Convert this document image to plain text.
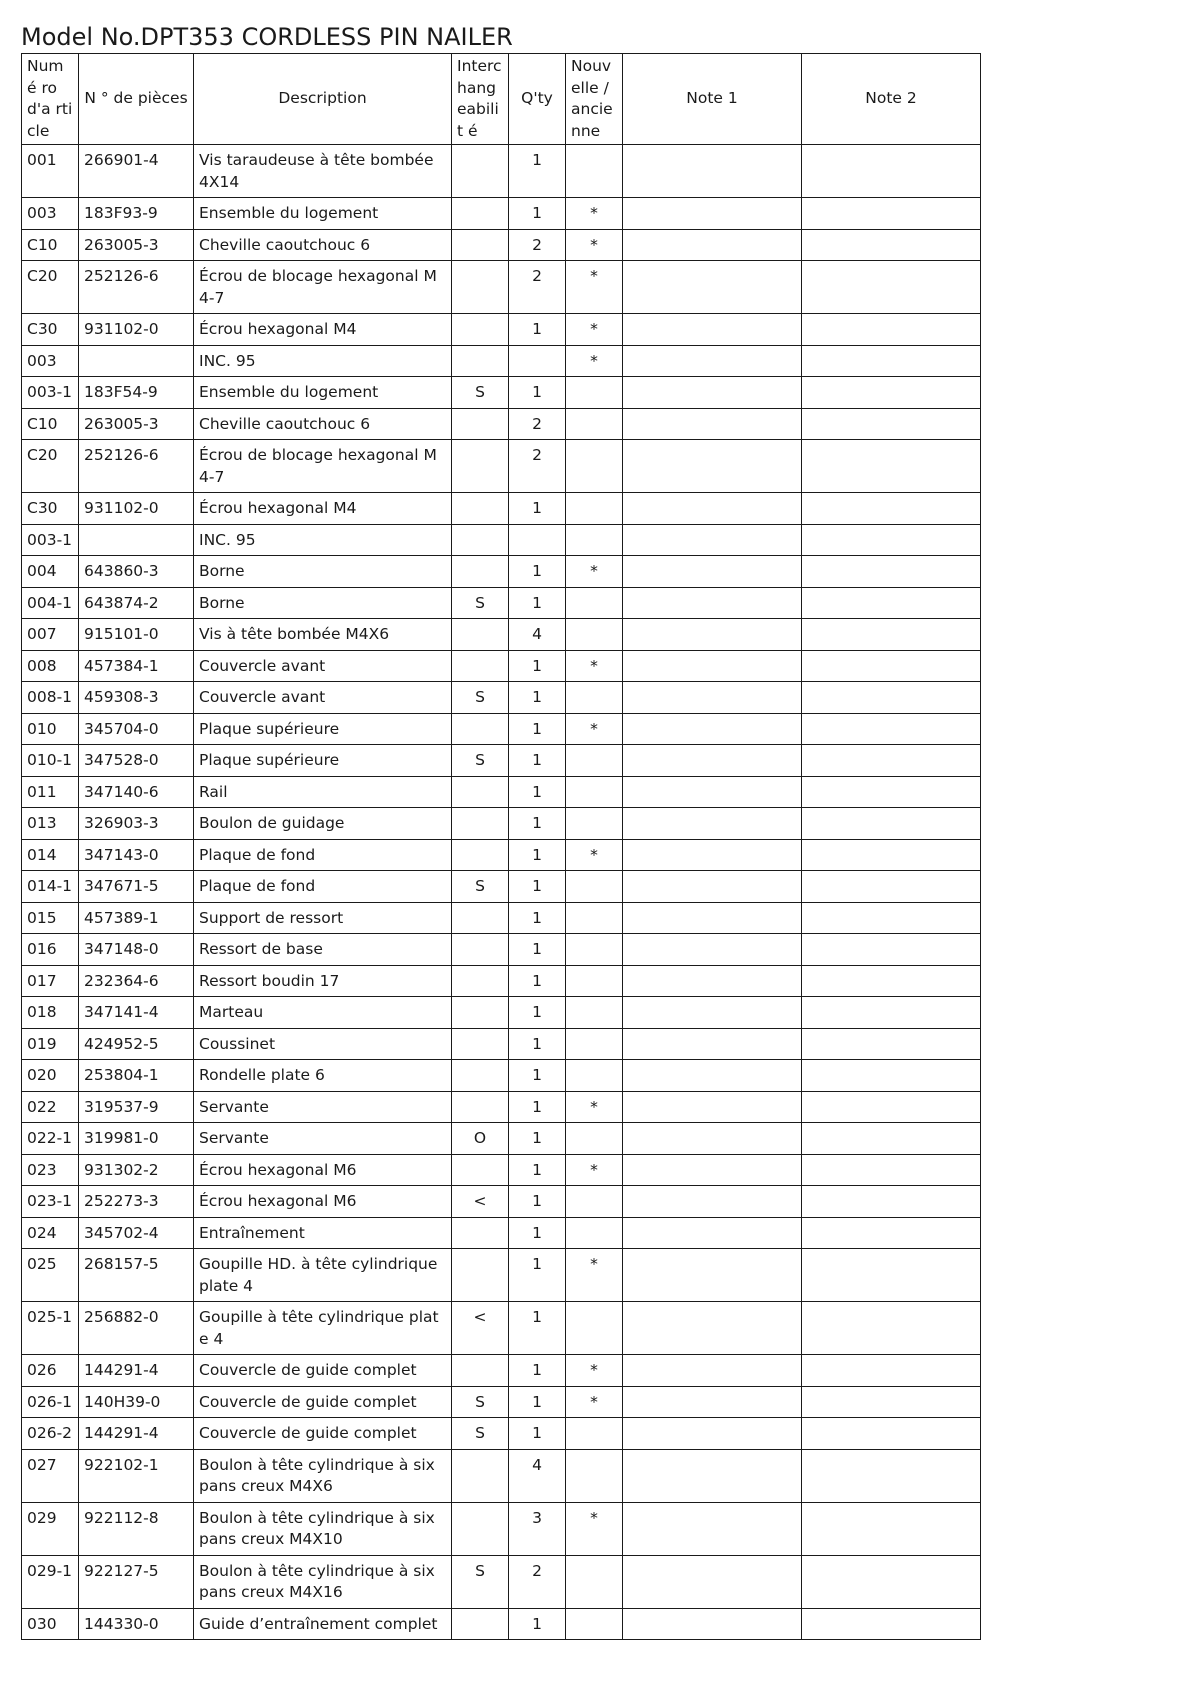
Model No.DPT353 CORDLESS PIN NAILER
Numé ro d'a rticle	N ° de pièces	Description	Interc hang eabilit é	Q'ty	Nouv elle / ancie nne	Note 1	Note 2
001	266901-4	Vis taraudeuse à tête bombée 4X14		1			
003	183F93-9	Ensemble du logement		1	*		
C10	263005-3	Cheville caoutchouc 6		2	*		
C20	252126-6	Écrou de blocage hexagonal M4-7		2	*		
C30	931102-0	Écrou hexagonal M4		1	*		
003		INC. 95			*		
003-1	183F54-9	Ensemble du logement	S	1			
C10	263005-3	Cheville caoutchouc 6		2			
C20	252126-6	Écrou de blocage hexagonal M4-7		2			
C30	931102-0	Écrou hexagonal M4		1			
003-1		INC. 95					
004	643860-3	Borne		1	*		
004-1	643874-2	Borne	S	1			
007	915101-0	Vis à tête bombée M4X6		4			
008	457384-1	Couvercle avant		1	*		
008-1	459308-3	Couvercle avant	S	1			
010	345704-0	Plaque supérieure		1	*		
010-1	347528-0	Plaque supérieure	S	1			
011	347140-6	Rail		1			
013	326903-3	Boulon de guidage		1			
014	347143-0	Plaque de fond		1	*		
014-1	347671-5	Plaque de fond	S	1			
015	457389-1	Support de ressort		1			
016	347148-0	Ressort de base		1			
017	232364-6	Ressort boudin 17		1			
018	347141-4	Marteau		1			
019	424952-5	Coussinet		1			
020	253804-1	Rondelle plate 6		1			
022	319537-9	Servante		1	*		
022-1	319981-0	Servante	O	1			
023	931302-2	Écrou hexagonal M6		1	*		
023-1	252273-3	Écrou hexagonal M6	<	1			
024	345702-4	Entraînement		1			
025	268157-5	Goupille HD. à tête cylindrique plate 4		1	*		
025-1	256882-0	Goupille à tête cylindrique plate 4	<	1			
026	144291-4	Couvercle de guide complet		1	*		
026-1	140H39-0	Couvercle de guide complet	S	1	*		
026-2	144291-4	Couvercle de guide complet	S	1			
027	922102-1	Boulon à tête cylindrique à six pans creux M4X6		4			
029	922112-8	Boulon à tête cylindrique à six pans creux M4X10		3	*		
029-1	922127-5	Boulon à tête cylindrique à six pans creux M4X16	S	2			
030	144330-0	Guide d’entraînement complet		1			
